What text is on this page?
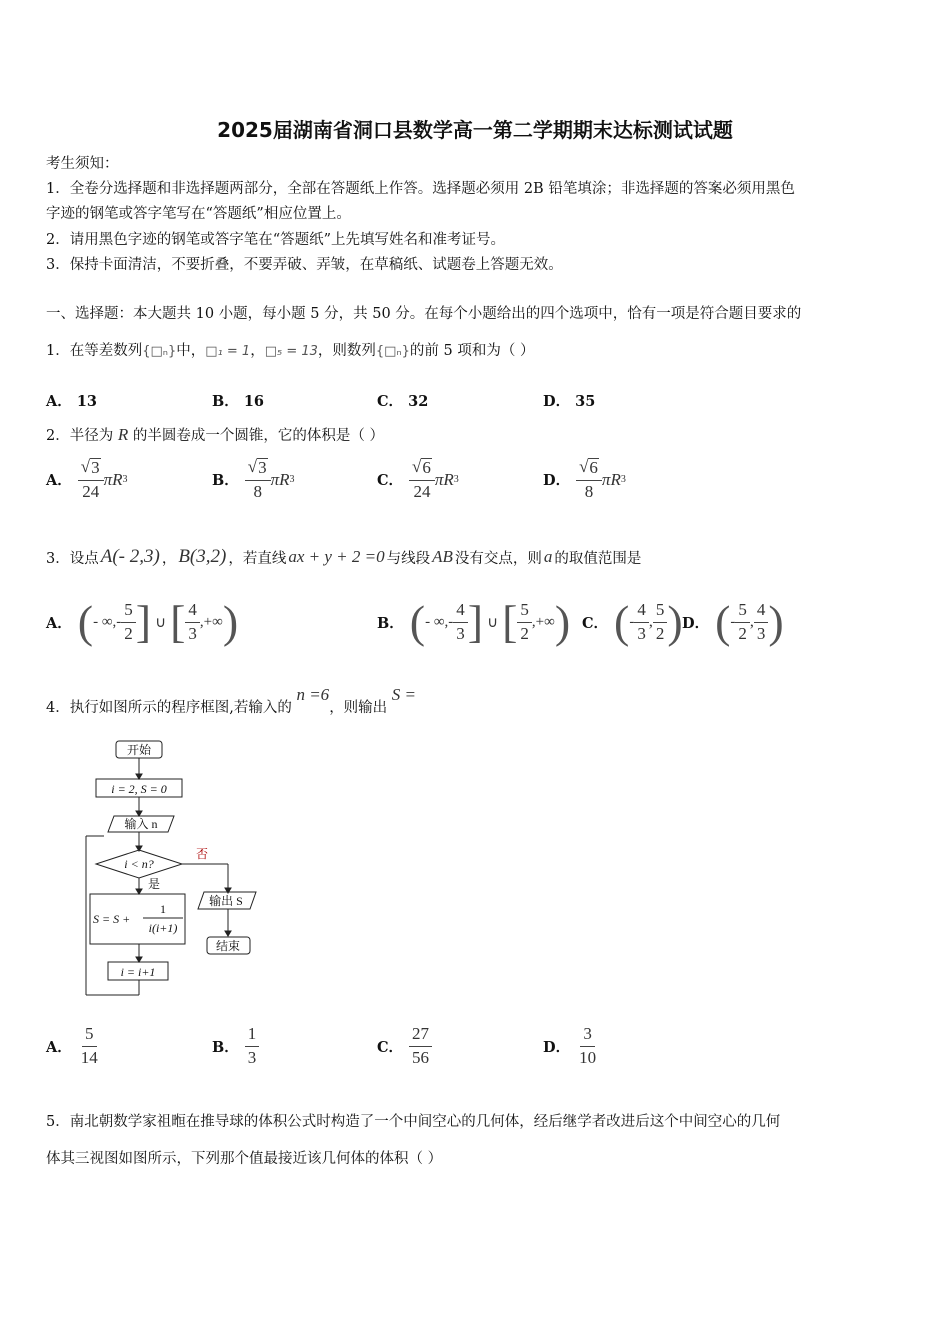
2025届湖南省洞口县数学高一第二学期期末达标测试试题
考生须知：
1．全卷分选择题和非选择题两部分，全部在答题纸上作答。选择题必须用 2B 铅笔填涂；非选择题的答案必须用黑色
字迹的钢笔或答字笔写在“答题纸”相应位置上。
2．请用黑色字迹的钢笔或答字笔在“答题纸”上先填写姓名和准考证号。
3．保持卡面清洁，不要折叠，不要弄破、弄皱，在草稿纸、试题卷上答题无效。
一、选择题：本大题共 10 小题，每小题 5 分，共 50 分。在每个小题给出的四个选项中，恰有一项是符合题目要求的
1．在等差数列{□ₙ}中，□₁ = 1，□₅ = 13，则数列{□ₙ}的前 5 项和为（ ）
A． 13	B． 16	C． 32	D． 35
2．半径为 R 的半圆卷成一个圆锥，它的体积是（ ）
A． $\frac{√ 3}{24}$ πR 3	B． $\frac{√ 3}{8}$ πR 3	C． $\frac{√ 6}{24}$ πR 3	D． $\frac{√ 6}{8}$ πR 3
3． 设点 A(- 2,3) ， B(3,2) ，若直线 ax + y + 2 =0 与线段 AB 没有交点，则 a 的取值范围是
A． ( - ∞,- $\frac{5}{2}$ ] ∪ [ $\frac{4}{3}$ ,+∞ )	B． ( - ∞,- $\frac{4}{3}$ ] ∪ [ $\frac{5}{2}$ ,+∞ ) C． ( - $\frac{4}{3}$ , $\frac{5}{2}$ ) D． ( - $\frac{5}{2}$ , $\frac{4}{3}$ )
4．执行如图所示的程序框图,若输入的 n =6，则输出 S =
开始
i = 2, S = 0
输入 n
i < n?
否
是
S = S +
1
i(i+1)
输出 S
结束
i = i+1
A． $\frac{5}{14}$	B． $\frac{1}{3}$	C． $\frac{27}{56}$	D． $\frac{3}{10}$
5．南北朝数学家祖暅在推导球的体积公式时构造了一个中间空心的几何体，经后继学者改进后这个中间空心的几何
体其三视图如图所示，下列那个值最接近该几何体的体积（ ）
